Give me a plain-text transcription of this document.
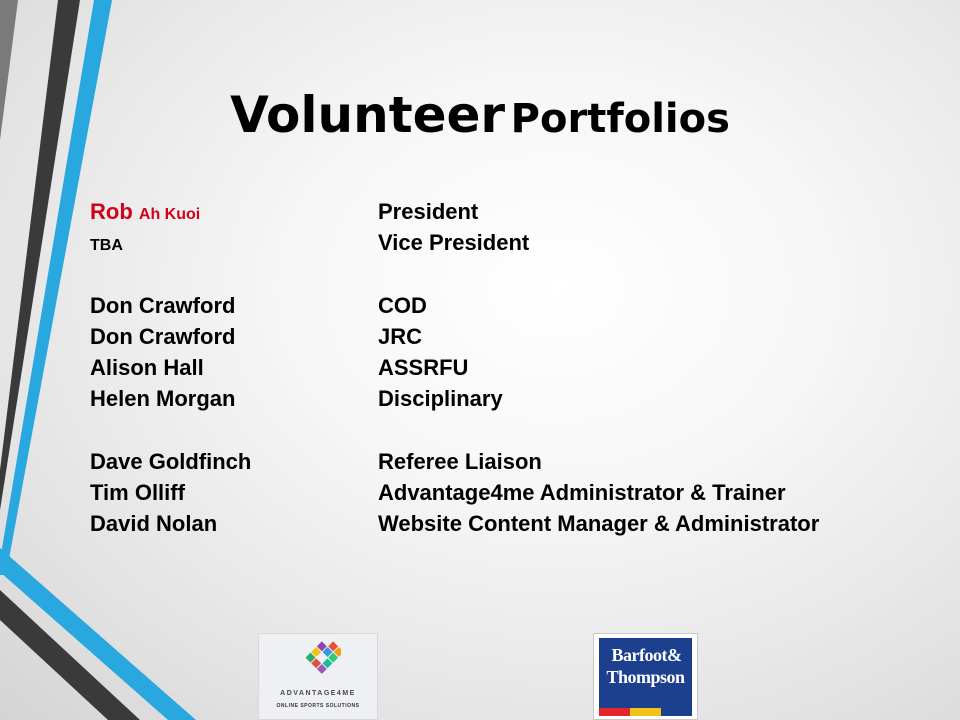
Volunteer Portfolios
Rob Ah Kuoi	President
TBA	Vice President
Don Crawford	COD
Don Crawford	JRC
Alison Hall	ASSRFU
Helen Morgan	Disciplinary
Dave Goldfinch	Referee Liaison
Tim Olliff	Advantage4me Administrator & Trainer
David Nolan	Website Content Manager & Administrator
ADVANTAGE4ME
ONLINE SPORTS SOLUTIONS
Barfoot&
Thompson
